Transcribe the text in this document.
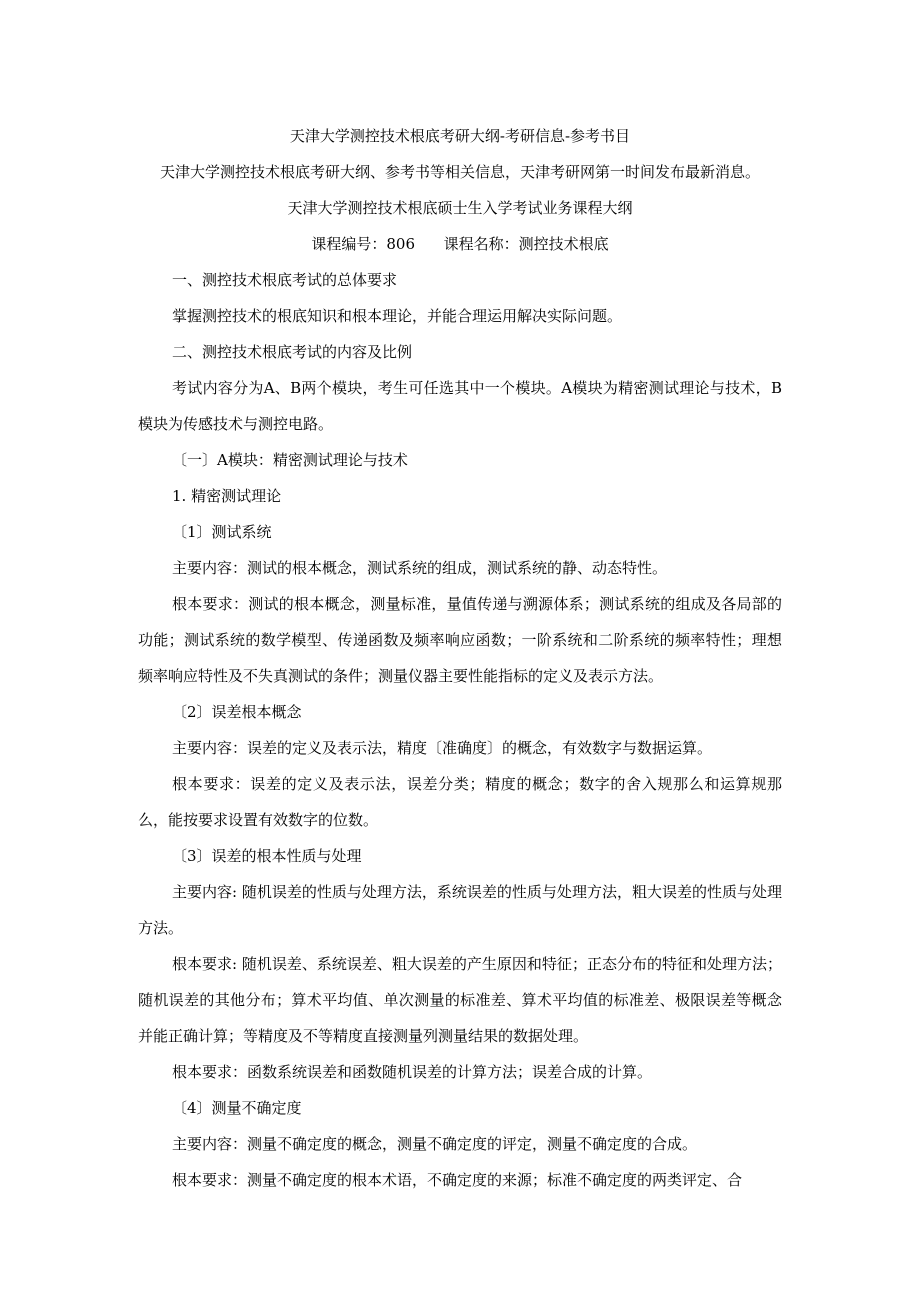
天津大学测控技术根底考研大纲-考研信息-参考书目

天津大学测控技术根底考研大纲、参考书等相关信息，天津考研网第一时间发布最新消息。

天津大学测控技术根底硕士生入学考试业务课程大纲

课程编号：806      课程名称：测控技术根底

一、测控技术根底考试的总体要求

掌握测控技术的根底知识和根本理论，并能合理运用解决实际问题。

二、测控技术根底考试的内容及比例

考试内容分为A、B两个模块，考生可任选其中一个模块。A模块为精密测试理论与技术，B模块为传感技术与测控电路。

〔一〕A模块：精密测试理论与技术

1. 精密测试理论

〔1〕测试系统

主要内容：测试的根本概念，测试系统的组成，测试系统的静、动态特性。

根本要求：测试的根本概念，测量标准，量值传递与溯源体系；测试系统的组成及各局部的功能；测试系统的数学模型、传递函数及频率响应函数；一阶系统和二阶系统的频率特性；理想频率响应特性及不失真测试的条件；测量仪器主要性能指标的定义及表示方法。

〔2〕误差根本概念

主要内容：误差的定义及表示法，精度〔准确度〕的概念，有效数字与数据运算。

根本要求：误差的定义及表示法，误差分类；精度的概念；数字的舍入规那么和运算规那么，能按要求设置有效数字的位数。

〔3〕误差的根本性质与处理

主要内容: 随机误差的性质与处理方法，系统误差的性质与处理方法，粗大误差的性质与处理方法。

根本要求: 随机误差、系统误差、粗大误差的产生原因和特征；正态分布的特征和处理方法；随机误差的其他分布；算术平均值、单次测量的标准差、算术平均值的标准差、极限误差等概念并能正确计算；等精度及不等精度直接测量列测量结果的数据处理。

根本要求：函数系统误差和函数随机误差的计算方法；误差合成的计算。

〔4〕测量不确定度

主要内容：测量不确定度的概念，测量不确定度的评定，测量不确定度的合成。

根本要求：测量不确定度的根本术语，不确定度的来源；标准不确定度的两类评定、合
